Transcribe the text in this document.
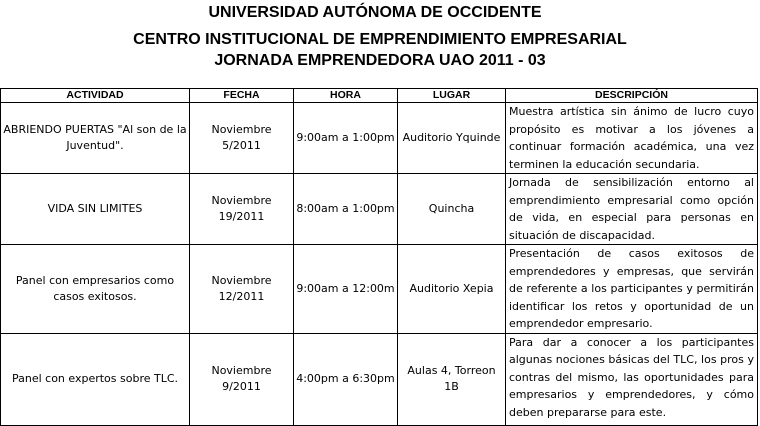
UNIVERSIDAD AUTÓNOMA DE OCCIDENTE
CENTRO INSTITUCIONAL DE EMPRENDIMIENTO EMPRESARIAL
JORNADA EMPRENDEDORA UAO 2011 - 03
ACTIVIDAD	FECHA	HORA	LUGAR	DESCRIPCIÓN
ABRIENDO PUERTAS "Al son de la Juventud".	Noviembre 5/2011	9:00am a 1:00pm	Auditorio Yquinde	Muestra artística sin ánimo de lucro cuyo propósito es motivar a los jóvenes a continuar formación académica, una vez terminen la educación secundaria.
VIDA SIN LIMITES	Noviembre 19/2011	8:00am a 1:00pm	Quincha	Jornada de sensibilización entorno al emprendimiento empresarial como opción de vida, en especial para personas en situación de discapacidad.
Panel con empresarios como casos exitosos.	Noviembre 12/2011	9:00am a 12:00m	Auditorio Xepia	Presentación de casos exitosos de emprendedores y empresas, que servirán de referente a los participantes y permitirán identificar los retos y oportunidad de un emprendedor empresario.
Panel con expertos sobre TLC.	Noviembre 9/2011	4:00pm a 6:30pm	Aulas 4, Torreon 1B	Para dar a conocer a los participantes algunas nociones básicas del TLC, los pros y contras del mismo, las oportunidades para empresarios y emprendedores, y cómo deben prepararse para este.
